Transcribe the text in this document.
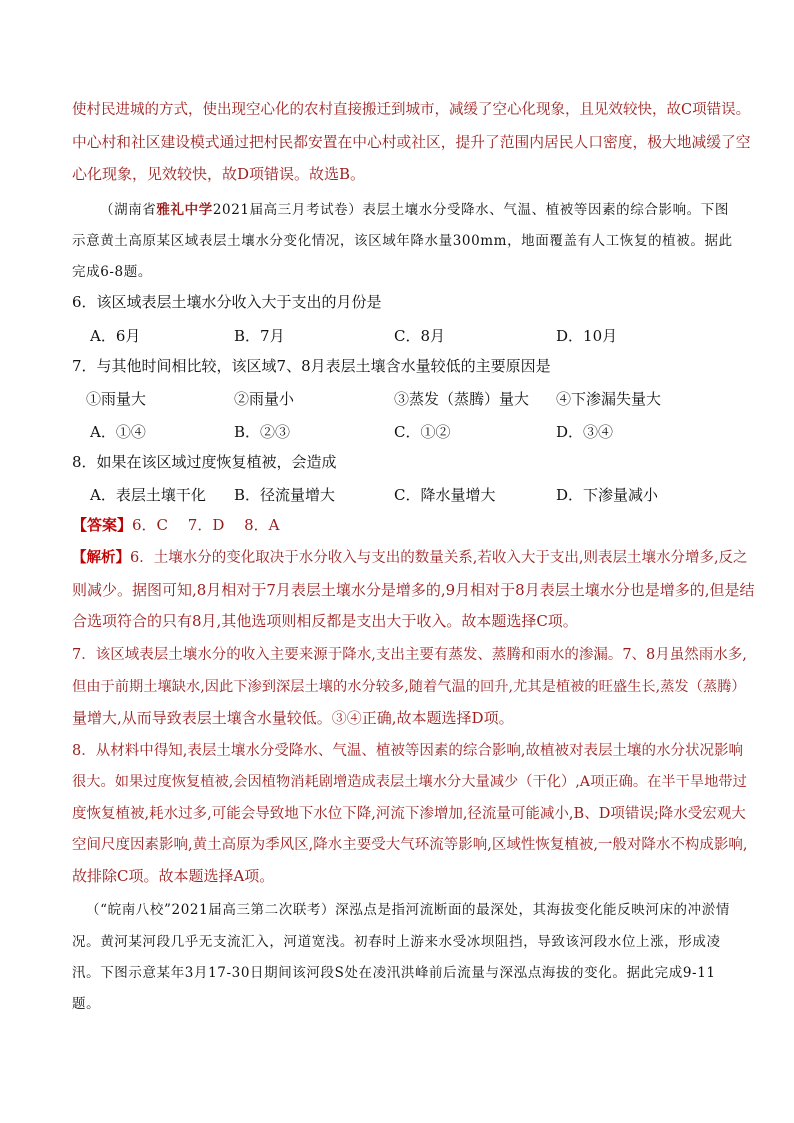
使村民进城的方式，使出现空心化的农村直接搬迁到城市，减缓了空心化现象，且见效较快，故C项错误。
中心村和社区建设模式通过把村民都安置在中心村或社区，提升了范围内居民人口密度，极大地减缓了空
心化现象，见效较快，故D项错误。故选B。
（湖南省雅礼中学2021届高三月考试卷）表层土壤水分受降水、气温、植被等因素的综合影响。下图
示意黄土高原某区域表层土壤水分变化情况，该区域年降水量300mm，地面覆盖有人工恢复的植被。据此
完成6-8题。
6．该区域表层土壤水分收入大于支出的月份是
A．6月	B．7月	C．8月	D．10月
7．与其他时间相比较，该区域7、8月表层土壤含水量较低的主要原因是
①雨量大	②雨量小	③蒸发（蒸腾）量大 ④下渗漏失量大
A．①④	B．②③	C．①②	D．③④
8．如果在该区域过度恢复植被，会造成
A．表层土壤干化 B．径流量增大	C．降水量增大	D．下渗量减小
【答案】6．C　 7．D　 8．A
【解析】6．土壤水分的变化取决于水分收入与支出的数量关系,若收入大于支出,则表层土壤水分增多,反之
则减少。据图可知,8月相对于7月表层土壤水分是增多的,9月相对于8月表层土壤水分也是增多的,但是结
合选项符合的只有8月,其他选项则相反都是支出大于收入。故本题选择C项。
7．该区域表层土壤水分的收入主要来源于降水,支出主要有蒸发、蒸腾和雨水的渗漏。7、8月虽然雨水多,
但由于前期土壤缺水,因此下渗到深层土壤的水分较多,随着气温的回升,尤其是植被的旺盛生长,蒸发（蒸腾）
量增大,从而导致表层土壤含水量较低。③④正确,故本题选择D项。
8．从材料中得知,表层土壤水分受降水、气温、植被等因素的综合影响,故植被对表层土壤的水分状况影响
很大。如果过度恢复植被,会因植物消耗剧增造成表层土壤水分大量减少（干化）,A项正确。在半干旱地带过
度恢复植被,耗水过多,可能会导致地下水位下降,河流下渗增加,径流量可能减小,B、D项错误;降水受宏观大
空间尺度因素影响,黄土高原为季风区,降水主要受大气环流等影响,区域性恢复植被,一般对降水不构成影响,
故排除C项。故本题选择A项。
（“皖南八校”2021届高三第二次联考）深泓点是指河流断面的最深处，其海拔变化能反映河床的冲淤情
况。黄河某河段几乎无支流汇入，河道宽浅。初春时上游来水受冰坝阻挡，导致该河段水位上涨，形成凌
汛。下图示意某年3月17-30日期间该河段S处在凌汛洪峰前后流量与深泓点海拔的变化。据此完成9-11
题。
